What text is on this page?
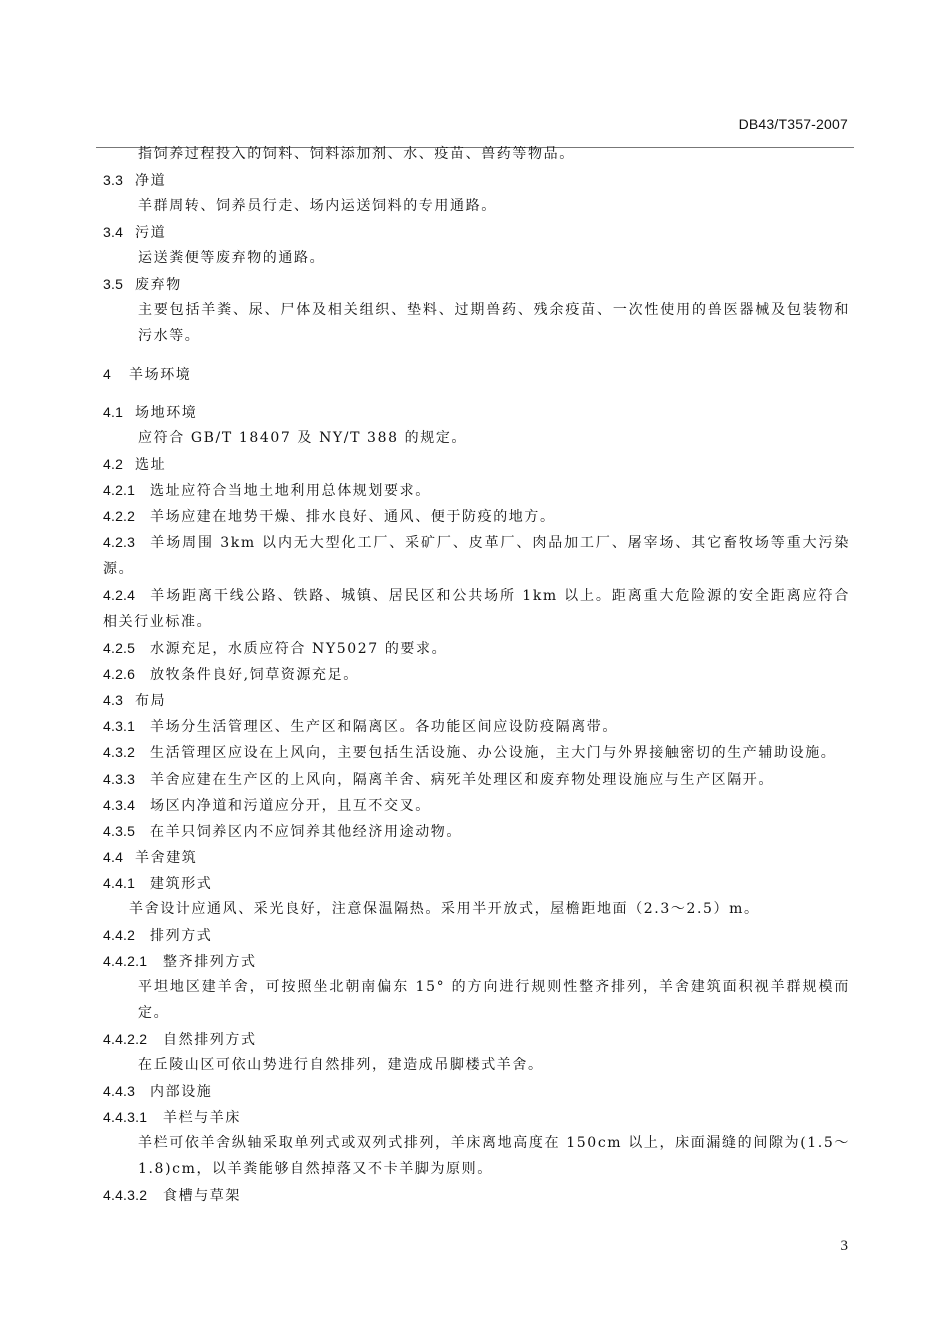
DB43/T357-2007
指饲养过程投入的饲料、饲料添加剂、水、疫苗、兽药等物品。
3.3 净道
羊群周转、饲养员行走、场内运送饲料的专用通路。
3.4 污道
运送粪便等废弃物的通路。
3.5 废弃物
主要包括羊粪、尿、尸体及相关组织、垫料、过期兽药、残余疫苗、一次性使用的兽医器械及包装物和污水等。
4 羊场环境
4.1 场地环境
应符合 GB/T 18407 及 NY/T 388 的规定。
4.2 选址
4.2.1 选址应符合当地土地利用总体规划要求。
4.2.2 羊场应建在地势干燥、排水良好、通风、便于防疫的地方。
4.2.3 羊场周围 3km 以内无大型化工厂、采矿厂、皮革厂、肉品加工厂、屠宰场、其它畜牧场等重大污染源。
4.2.4 羊场距离干线公路、铁路、城镇、居民区和公共场所 1km 以上。距离重大危险源的安全距离应符合相关行业标准。
4.2.5 水源充足，水质应符合 NY5027 的要求。
4.2.6 放牧条件良好,饲草资源充足。
4.3 布局
4.3.1 羊场分生活管理区、生产区和隔离区。各功能区间应设防疫隔离带。
4.3.2 生活管理区应设在上风向，主要包括生活设施、办公设施，主大门与外界接触密切的生产辅助设施。
4.3.3 羊舍应建在生产区的上风向，隔离羊舍、病死羊处理区和废弃物处理设施应与生产区隔开。
4.3.4 场区内净道和污道应分开，且互不交叉。
4.3.5 在羊只饲养区内不应饲养其他经济用途动物。
4.4 羊舍建筑
4.4.1 建筑形式
羊舍设计应通风、采光良好，注意保温隔热。采用半开放式，屋檐距地面（2.3～2.5）m。
4.4.2 排列方式
4.4.2.1 整齐排列方式
平坦地区建羊舍，可按照坐北朝南偏东 15° 的方向进行规则性整齐排列，羊舍建筑面积视羊群规模而定。
4.4.2.2 自然排列方式
在丘陵山区可依山势进行自然排列，建造成吊脚楼式羊舍。
4.4.3 内部设施
4.4.3.1 羊栏与羊床
羊栏可依羊舍纵轴采取单列式或双列式排列，羊床离地高度在 150cm 以上，床面漏缝的间隙为(1.5～1.8)cm，以羊粪能够自然掉落又不卡羊脚为原则。
4.4.3.2 食槽与草架
3
